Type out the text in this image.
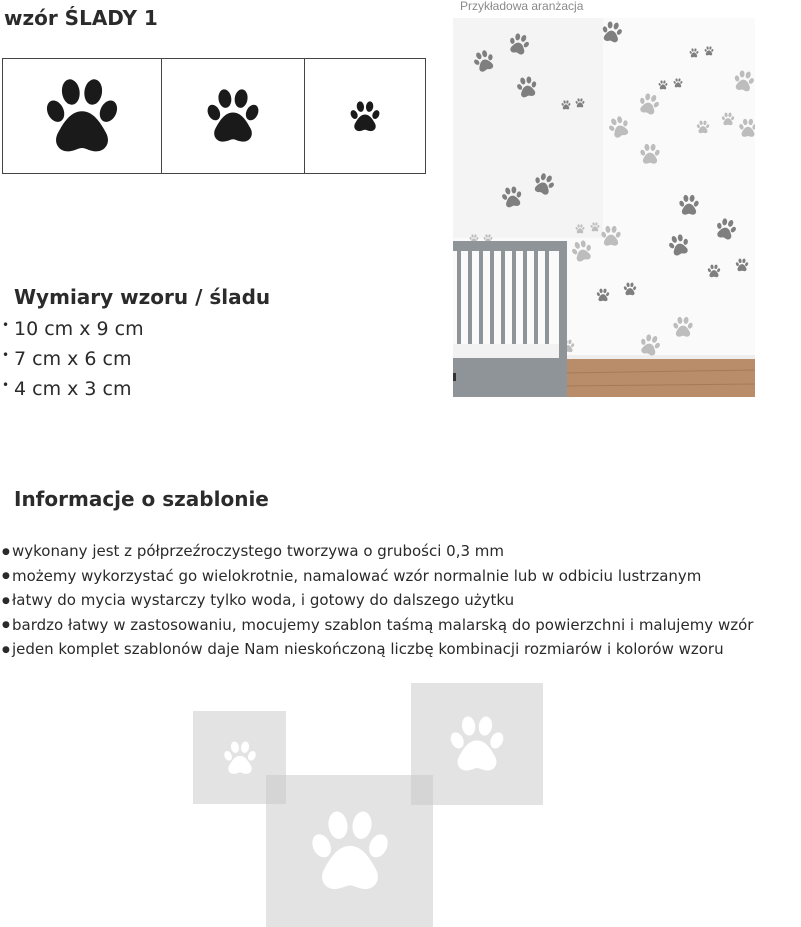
wzór ŚLADY 1	Przykładowa aranżacja
Wymiary wzoru / śladu
• 10 cm x 9 cm
• 7 cm x 6 cm
• 4 cm x 3 cm
Informacje o szablonie
● wykonany jest z półprzeźroczystego tworzywa o grubości 0,3 mm
● możemy wykorzystać go wielokrotnie, namalować wzór normalnie lub w odbiciu lustrzanym
● łatwy do mycia wystarczy tylko woda, i gotowy do dalszego użytku
● bardzo łatwy w zastosowaniu, mocujemy szablon taśmą malarską do powierzchni i malujemy wzór
● jeden komplet szablonów daje Nam nieskończoną liczbę kombinacji rozmiarów i kolorów wzoru
